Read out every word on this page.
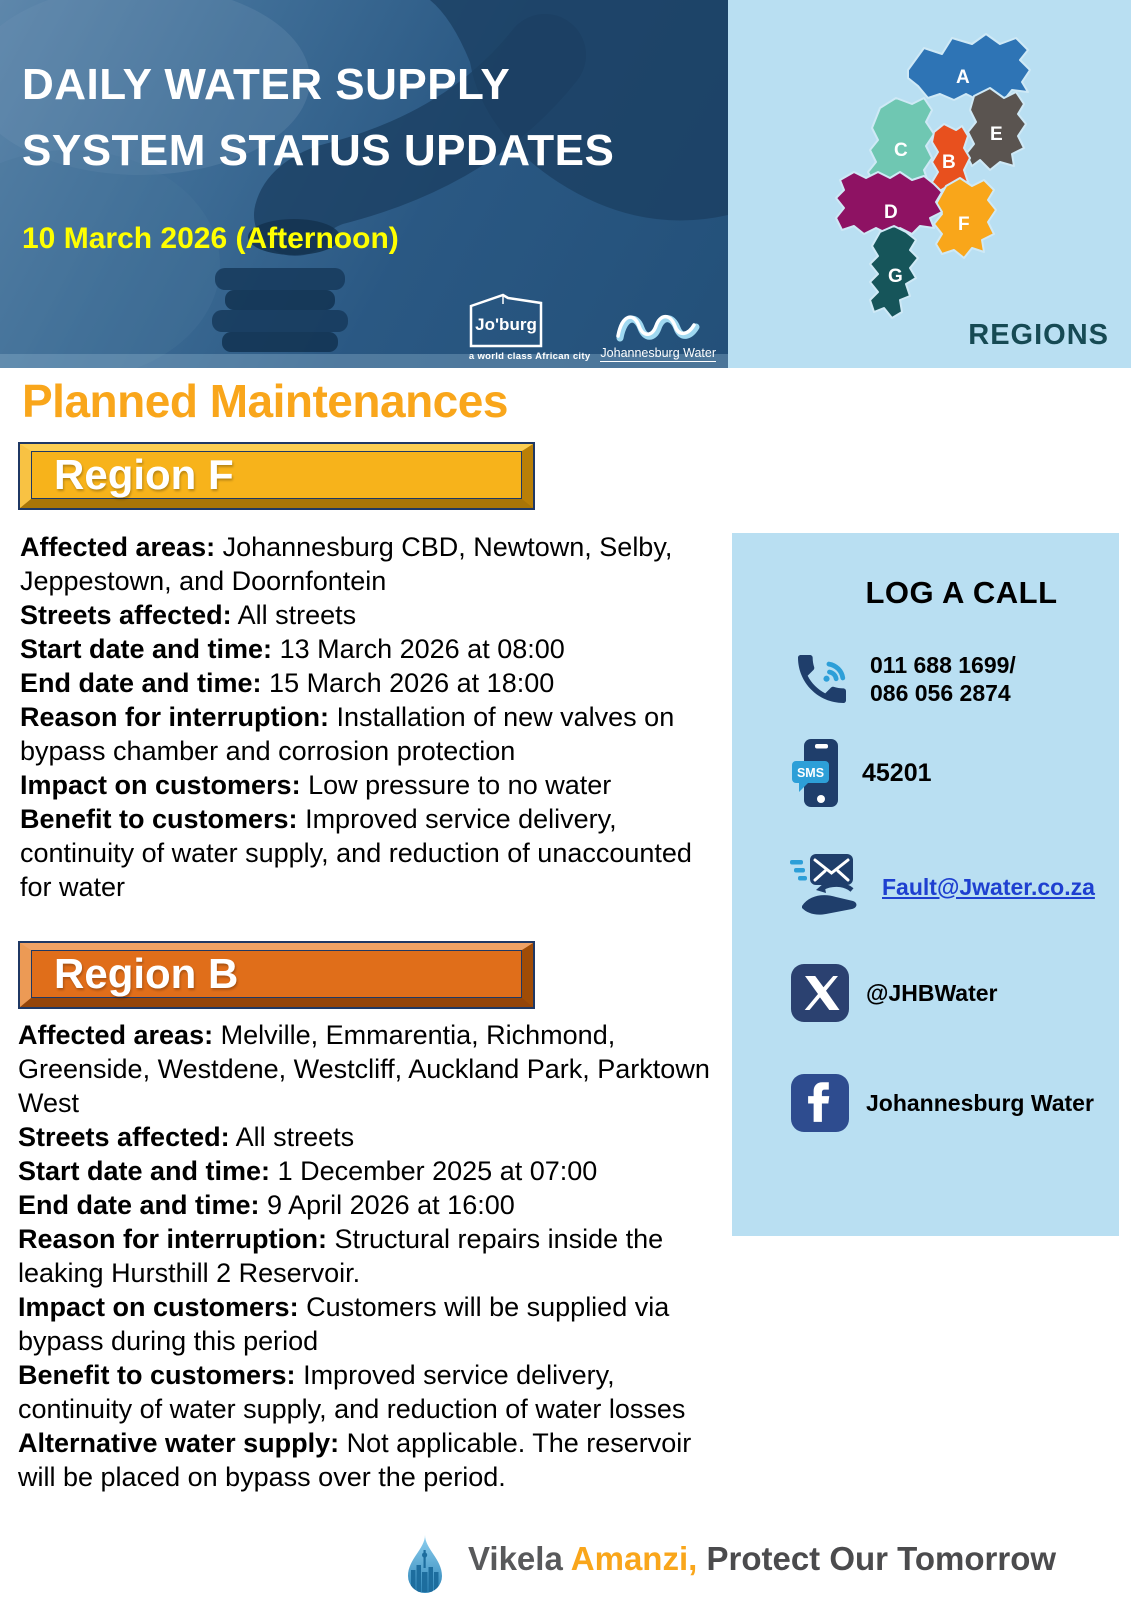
DAILY WATER SUPPLY
SYSTEM STATUS UPDATES
10 March 2026 (Afternoon)
Jo'burg
a world class African city Johannesburg Water
A
B
C
D
E
F
G
REGIONS
Planned Maintenances
Region F

Affected areas: Johannesburg CBD, Newtown, Selby, Jeppestown, and Doornfontein

Streets affected: All streets

Start date and time: 13 March 2026 at 08:00

End date and time: 15 March 2026 at 18:00

Reason for interruption: Installation of new valves on bypass chamber and corrosion protection

Impact on customers: Low pressure to no water

Benefit to customers: Improved service delivery, continuity of water supply, and reduction of unaccounted for water

Region B

Affected areas: Melville, Emmarentia, Richmond, Greenside, Westdene, Westcliff, Auckland Park, Parktown West

Streets affected: All streets

Start date and time: 1 December 2025 at 07:00

End date and time: 9 April 2026 at 16:00

Reason for interruption: Structural repairs inside the leaking Hursthill 2 Reservoir.

Impact on customers: Customers will be supplied via bypass during this period

Benefit to customers: Improved service delivery, continuity of water supply, and reduction of water losses

Alternative water supply: Not applicable. The reservoir will be placed on bypass over the period.

LOG A CALL
011 688 1699/
086 056 2874
SMS 45201
Fault@Jwater.co.za
@JHBWater
Johannesburg Water
Vikela Amanzi, Protect Our Tomorrow
